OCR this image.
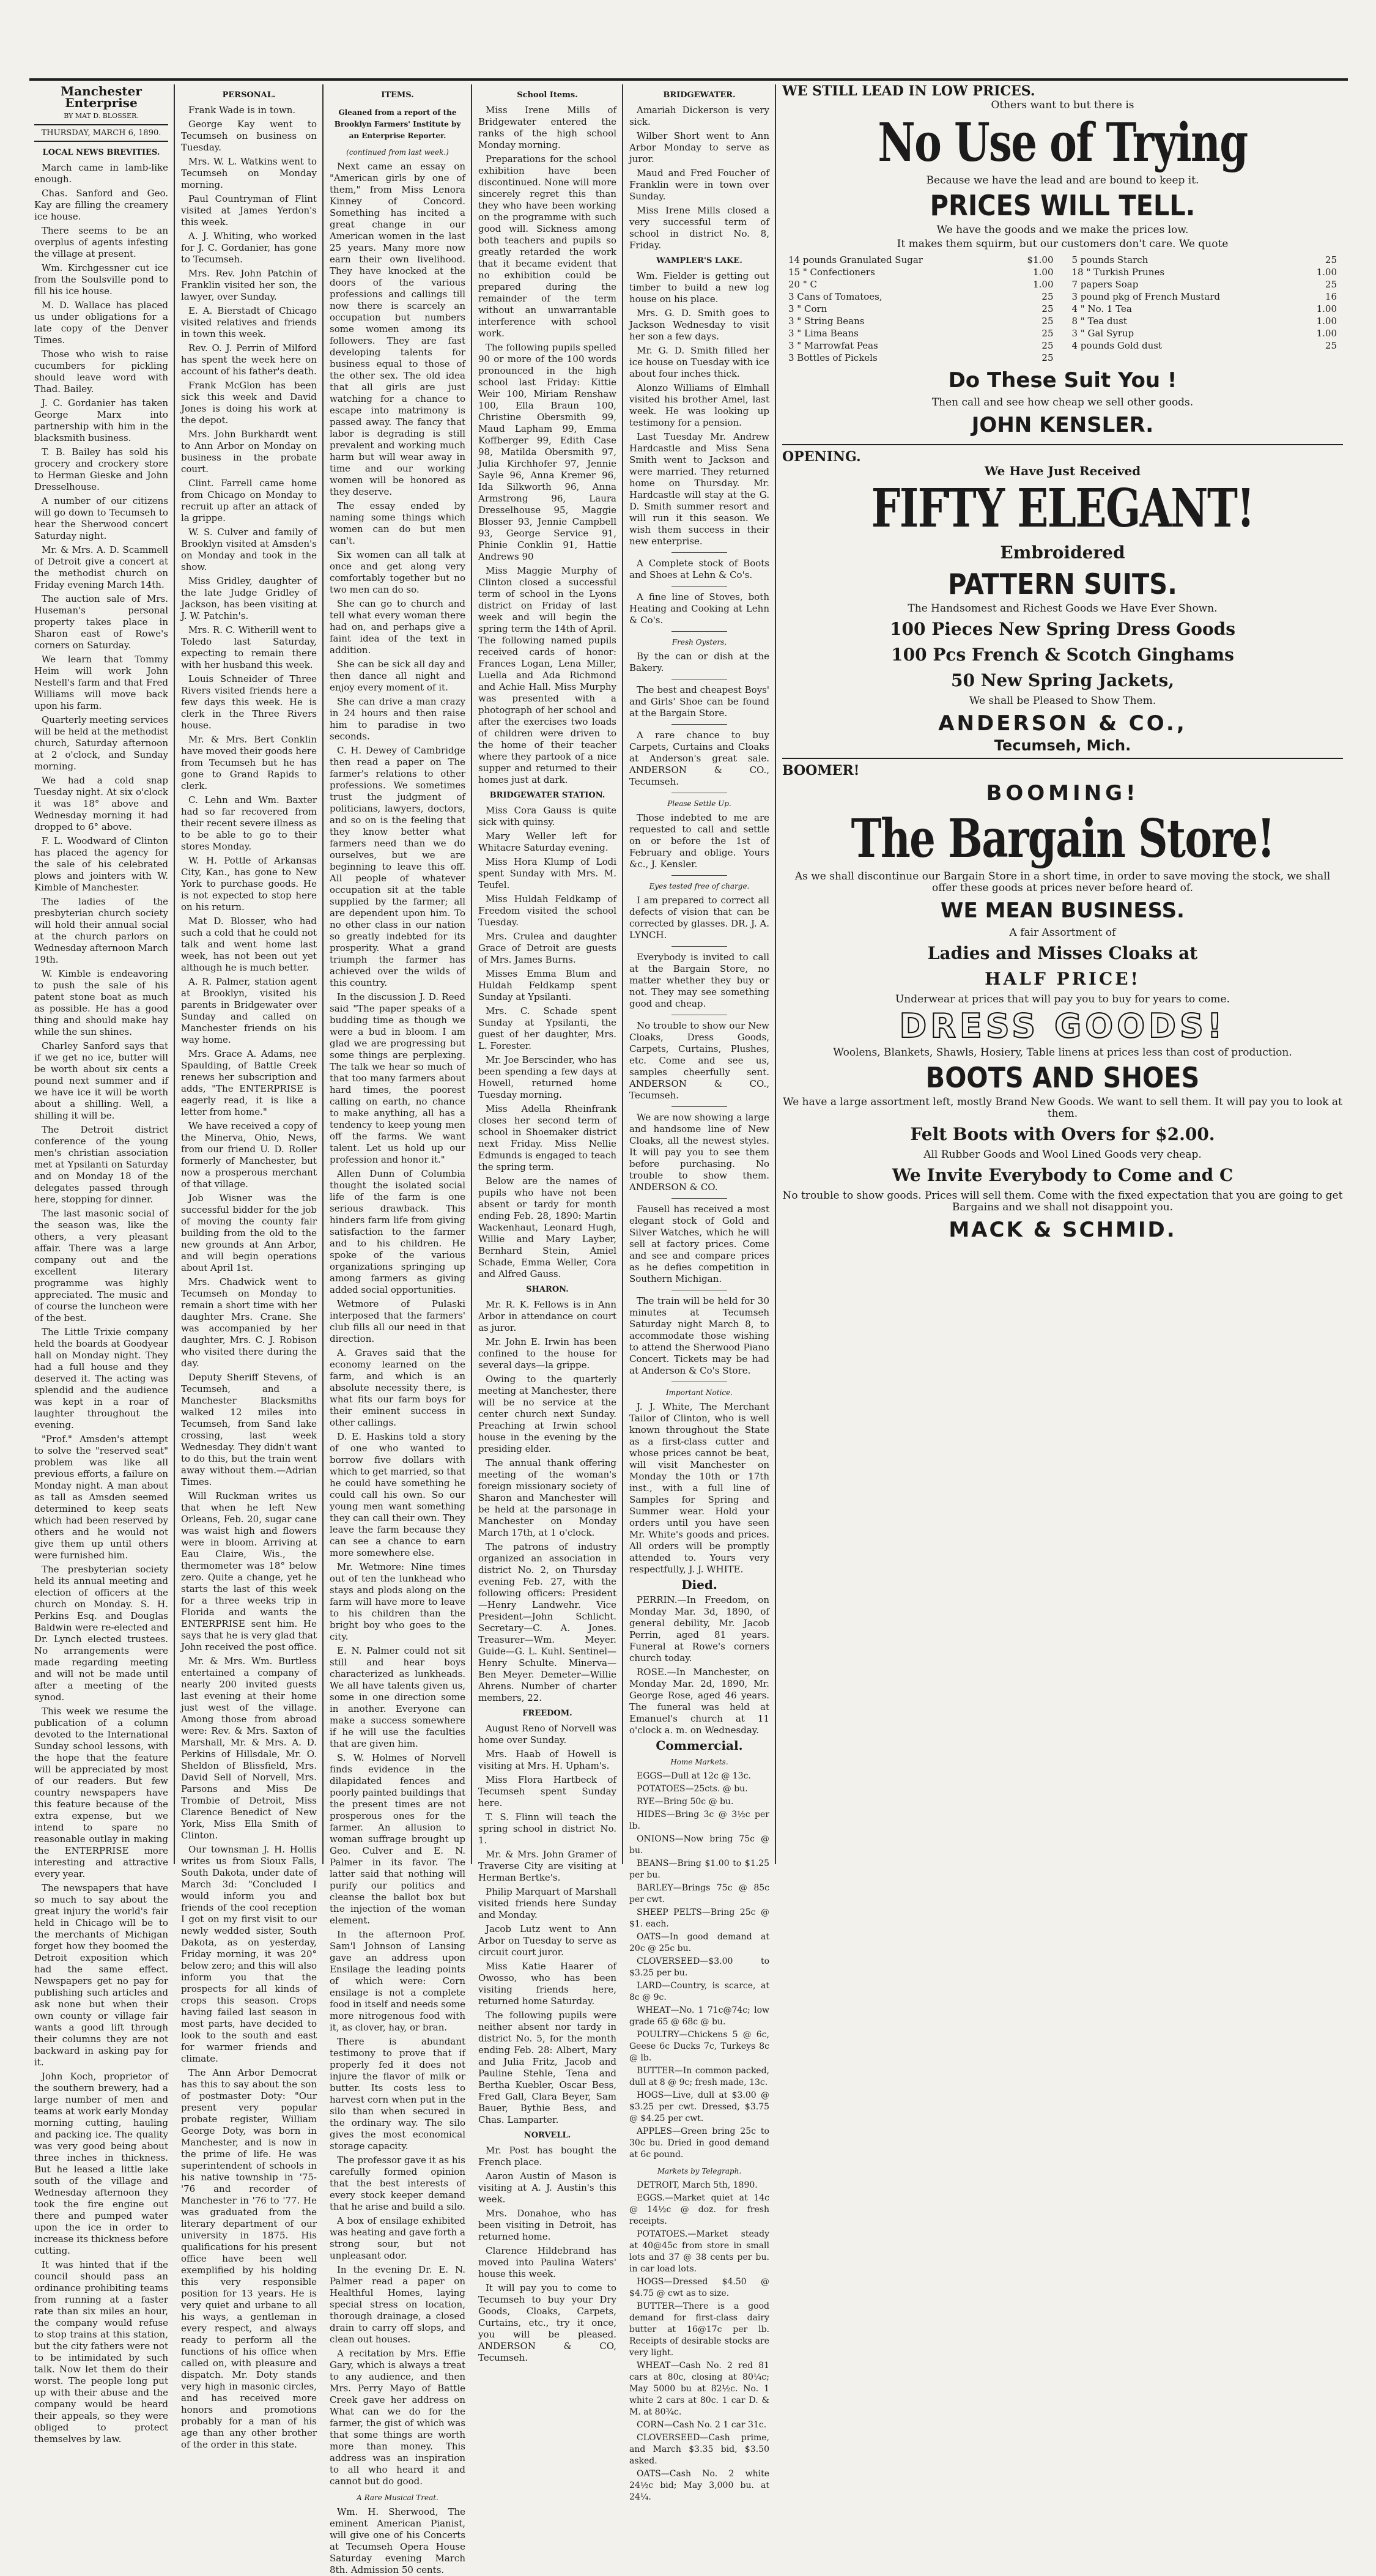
Manchester Enterprise
BY MAT D. BLOSSER.
THURSDAY, MARCH 6, 1890.
LOCAL NEWS BREVITIES.

March came in lamb-like enough.

Chas. Sanford and Geo. Kay are filling the creamery ice house.

There seems to be an overplus of agents infesting the village at present.

Wm. Kirchgessner cut ice from the Soulsville pond to fill his ice house.

M. D. Wallace has placed us under obligations for a late copy of the Denver Times.

Those who wish to raise cucumbers for pickling should leave word with Thad. Bailey.

J. C. Gordanier has taken George Marx into partnership with him in the blacksmith business.

T. B. Bailey has sold his grocery and crockery store to Herman Gieske and John Dresselhouse.

A number of our citizens will go down to Tecumseh to hear the Sherwood concert Saturday night.

Mr. & Mrs. A. D. Scammell of Detroit give a concert at the methodist church on Friday evening March 14th.

The auction sale of Mrs. Huseman's personal property takes place in Sharon east of Rowe's corners on Saturday.

We learn that Tommy Heim will work John Nestell's farm and that Fred Williams will move back upon his farm.

Quarterly meeting services will be held at the methodist church, Saturday afternoon at 2 o'clock, and Sunday morning.

We had a cold snap Tuesday night. At six o'clock it was 18° above and Wednesday morning it had dropped to 6° above.

F. L. Woodward of Clinton has placed the agency for the sale of his celebrated plows and jointers with W. Kimble of Manchester.

The ladies of the presbyterian church society will hold their annual social at the church parlors on Wednesday afternoon March 19th.

W. Kimble is endeavoring to push the sale of his patent stone boat as much as possible. He has a good thing and should make hay while the sun shines.

Charley Sanford says that if we get no ice, butter will be worth about six cents a pound next summer and if we have ice it will be worth about a shilling. Well, a shilling it will be.

The Detroit district conference of the young men's christian association met at Ypsilanti on Saturday and on Monday 18 of the delegates passed through here, stopping for dinner.

The last masonic social of the season was, like the others, a very pleasant affair. There was a large company out and the excellent literary programme was highly appreciated. The music and of course the luncheon were of the best.

The Little Trixie company held the boards at Goodyear hall on Monday night. They had a full house and they deserved it. The acting was splendid and the audience was kept in a roar of laughter throughout the evening.

"Prof." Amsden's attempt to solve the "reserved seat" problem was like all previous efforts, a failure on Monday night. A man about as tall as Amsden seemed determined to keep seats which had been reserved by others and he would not give them up until others were furnished him.

The presbyterian society held its annual meeting and election of officers at the church on Monday. S. H. Perkins Esq. and Douglas Baldwin were re-elected and Dr. Lynch elected trustees. No arrangements were made regarding meeting and will not be made until after a meeting of the synod.

This week we resume the publication of a column devoted to the International Sunday school lessons, with the hope that the feature will be appreciated by most of our readers. But few country newspapers have this feature because of the extra expense, but we intend to spare no reasonable outlay in making the ENTERPRISE more interesting and attractive every year.

The newspapers that have so much to say about the great injury the world's fair held in Chicago will be to the merchants of Michigan forget how they boomed the Detroit exposition which had the same effect. Newspapers get no pay for publishing such articles and ask none but when their own county or village fair wants a good lift through their columns they are not backward in asking pay for it.

John Koch, proprietor of the southern brewery, had a large number of men and teams at work early Monday morning cutting, hauling and packing ice. The quality was very good being about three inches in thickness. But he leased a little lake south of the village and Wednesday afternoon they took the fire engine out there and pumped water upon the ice in order to increase its thickness before cutting.

It was hinted that if the council should pass an ordinance prohibiting teams from running at a faster rate than six miles an hour, the company would refuse to stop trains at this station, but the city fathers were not to be intimidated by such talk. Now let them do their worst. The people long put up with their abuse and the company would be heard their appeals, so they were obliged to protect themselves by law.

PERSONAL.

Frank Wade is in town.

George Kay went to Tecumseh on business on Tuesday.

Mrs. W. L. Watkins went to Tecumseh on Monday morning.

Paul Countryman of Flint visited at James Yerdon's this week.

A. J. Whiting, who worked for J. C. Gordanier, has gone to Tecumseh.

Mrs. Rev. John Patchin of Franklin visited her son, the lawyer, over Sunday.

E. A. Bierstadt of Chicago visited relatives and friends in town this week.

Rev. O. J. Perrin of Milford has spent the week here on account of his father's death.

Frank McGlon has been sick this week and David Jones is doing his work at the depot.

Mrs. John Burkhardt went to Ann Arbor on Monday on business in the probate court.

Clint. Farrell came home from Chicago on Monday to recruit up after an attack of la grippe.

W. S. Culver and family of Brooklyn visited at Amsden's on Monday and took in the show.

Miss Gridley, daughter of the late Judge Gridley of Jackson, has been visiting at J. W. Patchin's.

Mrs. R. C. Witherill went to Toledo last Saturday, expecting to remain there with her husband this week.

Louis Schneider of Three Rivers visited friends here a few days this week. He is clerk in the Three Rivers house.

Mr. & Mrs. Bert Conklin have moved their goods here from Tecumseh but he has gone to Grand Rapids to clerk.

C. Lehn and Wm. Baxter had so far recovered from their recent severe illness as to be able to go to their stores Monday.

W. H. Pottle of Arkansas City, Kan., has gone to New York to purchase goods. He is not expected to stop here on his return.

Mat D. Blosser, who had such a cold that he could not talk and went home last week, has not been out yet although he is much better.

A. R. Palmer, station agent at Brooklyn, visited his parents in Bridgewater over Sunday and called on Manchester friends on his way home.

Mrs. Grace A. Adams, nee Spaulding, of Battle Creek renews her subscription and adds, "The ENTERPRISE is eagerly read, it is like a letter from home."

We have received a copy of the Minerva, Ohio, News, from our friend U. D. Roller formerly of Manchester, but now a prosperous merchant of that village.

Job Wisner was the successful bidder for the job of moving the county fair building from the old to the new grounds at Ann Arbor, and will begin operations about April 1st.

Mrs. Chadwick went to Tecumseh on Monday to remain a short time with her daughter Mrs. Crane. She was accompanied by her daughter, Mrs. C. J. Robison who visited there during the day.

Deputy Sheriff Stevens, of Tecumseh, and a Manchester Blacksmiths walked 12 miles into Tecumseh, from Sand lake crossing, last week Wednesday. They didn't want to do this, but the train went away without them.—Adrian Times.

Will Ruckman writes us that when he left New Orleans, Feb. 20, sugar cane was waist high and flowers were in bloom. Arriving at Eau Claire, Wis., the thermometer was 18° below zero. Quite a change, yet he starts the last of this week for a three weeks trip in Florida and wants the ENTERPRISE sent him. He says that he is very glad that John received the post office.

Mr. & Mrs. Wm. Burtless entertained a company of nearly 200 invited guests last evening at their home just west of the village. Among those from abroad were: Rev. & Mrs. Saxton of Marshall, Mr. & Mrs. A. D. Perkins of Hillsdale, Mr. O. Sheldon of Blissfield, Mrs. David Sell of Norvell, Mrs. Parsons and Miss De Trombie of Detroit, Miss Clarence Benedict of New York, Miss Ella Smith of Clinton.

Our townsman J. H. Hollis writes us from Sioux Falls, South Dakota, under date of March 3d: "Concluded I would inform you and friends of the cool reception I got on my first visit to our newly wedded sister, South Dakota, as on yesterday, Friday morning, it was 20° below zero; and this will also inform you that the prospects for all kinds of crops this season. Crops having failed last season in most parts, have decided to look to the south and east for warmer friends and climate.

The Ann Arbor Democrat has this to say about the son of postmaster Doty: "Our present very popular probate register, William George Doty, was born in Manchester, and is now in the prime of life. He was superintendent of schools in his native township in '75-'76 and recorder of Manchester in '76 to '77. He was graduated from the literary department of our university in 1875. His qualifications for his present office have been well exemplified by his holding this very responsible position for 13 years. He is very quiet and urbane to all his ways, a gentleman in every respect, and always ready to perform all the functions of his office when called on, with pleasure and dispatch. Mr. Doty stands very high in masonic circles, and has received more honors and promotions probably for a man of his age than any other brother of the order in this state.

ITEMS.
Gleaned from a report of the Brooklyn Farmers' Institute by an Enterprise Reporter.
(continued from last week.)

Next came an essay on "American girls by one of them," from Miss Lenora Kinney of Concord. Something has incited a great change in our American women in the last 25 years. Many more now earn their own livelihood. They have knocked at the doors of the various professions and callings till now there is scarcely an occupation but numbers some women among its followers. They are fast developing talents for business equal to those of the other sex. The old idea that all girls are just watching for a chance to escape into matrimony is passed away. The fancy that labor is degrading is still prevalent and working much harm but will wear away in time and our working women will be honored as they deserve.

The essay ended by naming some things which women can do but men can't.

Six women can all talk at once and get along very comfortably together but no two men can do so.

She can go to church and tell what every woman there had on, and perhaps give a faint idea of the text in addition.

She can be sick all day and then dance all night and enjoy every moment of it.

She can drive a man crazy in 24 hours and then raise him to paradise in two seconds.

C. H. Dewey of Cambridge then read a paper on The farmer's relations to other professions. We sometimes trust the judgment of politicians, lawyers, doctors, and so on is the feeling that they know better what farmers need than we do ourselves, but we are beginning to leave this off. All people of whatever occupation sit at the table supplied by the farmer; all are dependent upon him. To no other class in our nation so greatly indebted for its prosperity. What a grand triumph the farmer has achieved over the wilds of this country.

In the discussion J. D. Reed said "The paper speaks of a budding time as though we were a bud in bloom. I am glad we are progressing but some things are perplexing. The talk we hear so much of that too many farmers about hard times, the poorest calling on earth, no chance to make anything, all has a tendency to keep young men off the farms. We want talent. Let us hold up our profession and honor it."

Allen Dunn of Columbia thought the isolated social life of the farm is one serious drawback. This hinders farm life from giving satisfaction to the farmer and to his children. He spoke of the various organizations springing up among farmers as giving added social opportunities.

Wetmore of Pulaski interposed that the farmers' club fills all our need in that direction.

A. Graves said that the economy learned on the farm, and which is an absolute necessity there, is what fits our farm boys for their eminent success in other callings.

D. E. Haskins told a story of one who wanted to borrow five dollars with which to get married, so that he could have something he could call his own. So our young men want something they can call their own. They leave the farm because they can see a chance to earn more somewhere else.

Mr. Wetmore: Nine times out of ten the lunkhead who stays and plods along on the farm will have more to leave to his children than the bright boy who goes to the city.

E. N. Palmer could not sit still and hear boys characterized as lunkheads. We all have talents given us, some in one direction some in another. Everyone can make a success somewhere if he will use the faculties that are given him.

S. W. Holmes of Norvell finds evidence in the dilapidated fences and poorly painted buildings that the present times are not prosperous ones for the farmer. An allusion to woman suffrage brought up Geo. Culver and E. N. Palmer in its favor. The latter said that nothing will purify our politics and cleanse the ballot box but the injection of the woman element.

In the afternoon Prof. Sam'l Johnson of Lansing gave an address upon Ensilage the leading points of which were: Corn ensilage is not a complete food in itself and needs some more nitrogenous food with it, as clover, hay, or bran.

There is abundant testimony to prove that if properly fed it does not injure the flavor of milk or butter. Its costs less to harvest corn when put in the silo than when secured in the ordinary way. The silo gives the most economical storage capacity.

The professor gave it as his carefully formed opinion that the best interests of every stock keeper demand that he arise and build a silo.

A box of ensilage exhibited was heating and gave forth a strong sour, but not unpleasant odor.

In the evening Dr. E. N. Palmer read a paper on Healthful Homes, laying special stress on location, thorough drainage, a closed drain to carry off slops, and clean out houses.

A recitation by Mrs. Effie Gary, which is always a treat to any audience, and then Mrs. Perry Mayo of Battle Creek gave her address on What can we do for the farmer, the gist of which was that some things are worth more than money. This address was an inspiration to all who heard it and cannot but do good.

A Rare Musical Treat.

Wm. H. Sherwood, The eminent American Pianist, will give one of his Concerts at Tecumseh Opera House Saturday evening March 8th. Admission 50 cents.

School Items.

Miss Irene Mills of Bridgewater entered the ranks of the high school Monday morning.

Preparations for the school exhibition have been discontinued. None will more sincerely regret this than they who have been working on the programme with such good will. Sickness among both teachers and pupils so greatly retarded the work that it became evident that no exhibition could be prepared during the remainder of the term without an unwarrantable interference with school work.

The following pupils spelled 90 or more of the 100 words pronounced in the high school last Friday: Kittie Weir 100, Miriam Renshaw 100, Ella Braun 100, Christine Obersmith 99, Maud Lapham 99, Emma Koffberger 99, Edith Case 98, Matilda Obersmith 97, Julia Kirchhofer 97, Jennie Sayle 96, Anna Kremer 96, Ida Silkworth 96, Anna Armstrong 96, Laura Dresselhouse 95, Maggie Blosser 93, Jennie Campbell 93, George Service 91, Phinie Conklin 91, Hattie Andrews 90

Miss Maggie Murphy of Clinton closed a successful term of school in the Lyons district on Friday of last week and will begin the spring term the 14th of April. The following named pupils received cards of honor: Frances Logan, Lena Miller, Luella and Ada Richmond and Achie Hall. Miss Murphy was presented with a photograph of her school and after the exercises two loads of children were driven to the home of their teacher where they partook of a nice supper and returned to their homes just at dark.

BRIDGEWATER STATION.

Miss Cora Gauss is quite sick with quinsy.

Mary Weller left for Whitacre Saturday evening.

Miss Hora Klump of Lodi spent Sunday with Mrs. M. Teufel.

Miss Huldah Feldkamp of Freedom visited the school Tuesday.

Mrs. Crulea and daughter Grace of Detroit are guests of Mrs. James Burns.

Misses Emma Blum and Huldah Feldkamp spent Sunday at Ypsilanti.

Mrs. C. Schade spent Sunday at Ypsilanti, the guest of her daughter, Mrs. L. Forester.

Mr. Joe Berscinder, who has been spending a few days at Howell, returned home Tuesday morning.

Miss Adella Rheinfrank closes her second term of school in Shoemaker district next Friday. Miss Nellie Edmunds is engaged to teach the spring term.

Below are the names of pupils who have not been absent or tardy for month ending Feb. 28, 1890: Martin Wackenhaut, Leonard Hugh, Willie and Mary Layber, Bernhard Stein, Amiel Schade, Emma Weller, Cora and Alfred Gauss.

SHARON.

Mr. R. K. Fellows is in Ann Arbor in attendance on court as juror.

Mr. John E. Irwin has been confined to the house for several days—la grippe.

Owing to the quarterly meeting at Manchester, there will be no service at the center church next Sunday. Preaching at Irwin school house in the evening by the presiding elder.

The annual thank offering meeting of the woman's foreign missionary society of Sharon and Manchester will be held at the parsonage in Manchester on Monday March 17th, at 1 o'clock.

The patrons of industry organized an association in district No. 2, on Thursday evening Feb. 27, with the following officers: President—Henry Landwehr. Vice President—John Schlicht. Secretary—C. A. Jones. Treasurer—Wm. Meyer. Guide—G. L. Kuhl. Sentinel—Henry Schulte. Minerva—Ben Meyer. Demeter—Willie Ahrens. Number of charter members, 22.

FREEDOM.

August Reno of Norvell was home over Sunday.

Mrs. Haab of Howell is visiting at Mrs. H. Upham's.

Miss Flora Hartbeck of Tecumseh spent Sunday here.

T. S. Flinn will teach the spring school in district No. 1.

Mr. & Mrs. John Gramer of Traverse City are visiting at Herman Bertke's.

Philip Marquart of Marshall visited friends here Sunday and Monday.

Jacob Lutz went to Ann Arbor on Tuesday to serve as circuit court juror.

Miss Katie Haarer of Owosso, who has been visiting friends here, returned home Saturday.

The following pupils were neither absent nor tardy in district No. 5, for the month ending Feb. 28: Albert, Mary and Julia Fritz, Jacob and Pauline Stehle, Tena and Bertha Kuebler, Oscar Bess, Fred Gall, Clara Beyer, Sam Bauer, Bythie Bess, and Chas. Lamparter.

NORVELL.

Mr. Post has bought the French place.

Aaron Austin of Mason is visiting at A. J. Austin's this week.

Mrs. Donahoe, who has been visiting in Detroit, has returned home.

Clarence Hildebrand has moved into Paulina Waters' house this week.

It will pay you to come to Tecumseh to buy your Dry Goods, Cloaks, Carpets, Curtains, etc., try it once, you will be pleased. ANDERSON & CO, Tecumseh.

BRIDGEWATER.

Amariah Dickerson is very sick.

Wilber Short went to Ann Arbor Monday to serve as juror.

Maud and Fred Foucher of Franklin were in town over Sunday.

Miss Irene Mills closed a very successful term of school in district No. 8, Friday.

WAMPLER'S LAKE.

Wm. Fielder is getting out timber to build a new log house on his place.

Mrs. G. D. Smith goes to Jackson Wednesday to visit her son a few days.

Mr. G. D. Smith filled her ice house on Tuesday with ice about four inches thick.

Alonzo Williams of Elmhall visited his brother Amel, last week. He was looking up testimony for a pension.

Last Tuesday Mr. Andrew Hardcastle and Miss Sena Smith went to Jackson and were married. They returned home on Thursday. Mr. Hardcastle will stay at the G. D. Smith summer resort and will run it this season. We wish them success in their new enterprise.

A Complete stock of Boots and Shoes at Lehn & Co's.

A fine line of Stoves, both Heating and Cooking at Lehn & Co's.

Fresh Oysters,

By the can or dish at the Bakery.

The best and cheapest Boys' and Girls' Shoe can be found at the Bargain Store.

A rare chance to buy Carpets, Curtains and Cloaks at Anderson's great sale. ANDERSON & CO., Tecumseh.

Please Settle Up.

Those indebted to me are requested to call and settle on or before the 1st of February and oblige. Yours &c., J. Kensler.

Eyes tested free of charge.

I am prepared to correct all defects of vision that can be corrected by glasses. DR. J. A. LYNCH.

Everybody is invited to call at the Bargain Store, no matter whether they buy or not. They may see something good and cheap.

No trouble to show our New Cloaks, Dress Goods, Carpets, Curtains, Plushes, etc. Come and see us, samples cheerfully sent. ANDERSON & CO., Tecumseh.

We are now showing a large and handsome line of New Cloaks, all the newest styles. It will pay you to see them before purchasing. No trouble to show them. ANDERSON & CO.

Fausell has received a most elegant stock of Gold and Silver Watches, which he will sell at factory prices. Come and see and compare prices as he defies competition in Southern Michigan.

The train will be held for 30 minutes at Tecumseh Saturday night March 8, to accommodate those wishing to attend the Sherwood Piano Concert. Tickets may be had at Anderson & Co's Store.

Important Notice.

J. J. White, The Merchant Tailor of Clinton, who is well known throughout the State as a first-class cutter and whose prices cannot be beat, will visit Manchester on Monday the 10th or 17th inst., with a full line of Samples for Spring and Summer wear. Hold your orders until you have seen Mr. White's goods and prices. All orders will be promptly attended to. Yours very respectfully, J. J. WHITE.

Died.

PERRIN.—In Freedom, on Monday Mar. 3d, 1890, of general debility, Mr. Jacob Perrin, aged 81 years. Funeral at Rowe's corners church today.

ROSE.—In Manchester, on Monday Mar. 2d, 1890, Mr. George Rose, aged 46 years. The funeral was held at Emanuel's church at 11 o'clock a. m. on Wednesday.

Commercial.
Home Markets.

EGGS—Dull at 12c @ 13c.

POTATOES—25cts. @ bu.

RYE—Bring 50c @ bu.

HIDES—Bring 3c @ 3½c per lb.

ONIONS—Now bring 75c @ bu.

BEANS—Bring $1.00 to $1.25 per bu.

BARLEY—Brings 75c @ 85c per cwt.

SHEEP PELTS—Bring 25c @ $1. each.

OATS—In good demand at 20c @ 25c bu.

CLOVERSEED—$3.00 to $3.25 per bu.

LARD—Country, is scarce, at 8c @ 9c.

WHEAT—No. 1 71c@74c; low grade 65 @ 68c @ bu.

POULTRY—Chickens 5 @ 6c, Geese 6c Ducks 7c, Turkeys 8c @ lb.

BUTTER—In common packed, dull at 8 @ 9c; fresh made, 13c.

HOGS—Live, dull at $3.00 @ $3.25 per cwt. Dressed, $3.75 @ $4.25 per cwt.

APPLES—Green bring 25c to 30c bu. Dried in good demand at 6c pound.

Markets by Telegraph.

DETROIT, March 5th, 1890.

EGGS.—Market quiet at 14c @ 14½c @ doz. for fresh receipts.

POTATOES.—Market steady at 40@45c from store in small lots and 37 @ 38 cents per bu. in car load lots.

HOGS—Dressed $4.50 @ $4.75 @ cwt as to size.

BUTTER—There is a good demand for first-class dairy butter at 16@17c per lb. Receipts of desirable stocks are very light.

WHEAT—Cash No. 2 red 81 cars at 80c, closing at 80¼c; May 5000 bu at 82½c. No. 1 white 2 cars at 80c. 1 car D. & M. at 80¾c.

CORN—Cash No. 2 1 car 31c.

CLOVERSEED—Cash prime, and March $3.35 bid, $3.50 asked.

OATS—Cash No. 2 white 24½c bid; May 3,000 bu. at 24¼.

WE STILL LEAD IN LOW PRICES.
Others want to but there is
No Use of Trying
Because we have the lead and are bound to keep it.
PRICES WILL TELL.
We have the goods and we make the prices low.
It makes them squirm, but our customers don't care. We quote
14 pounds Granulated Sugar	$1.00
15 " Confectioners	1.00
20 " C	1.00
3 Cans of Tomatoes,	25
3 " Corn	25
3 " String Beans	25
3 " Lima Beans	25
3 " Marrowfat Peas	25
3 Bottles of Pickels	25
5 pounds Starch	25
18 " Turkish Prunes	1.00
7 papers Soap	25
3 pound pkg of French Mustard	16
4 " No. 1 Tea	1.00
8 " Tea dust	1.00
3 " Gal Syrup	1.00
4 pounds Gold dust	25
Do These Suit You !
Then call and see how cheap we sell other goods.
JOHN KENSLER.
OPENING.
We Have Just Received
FIFTY ELEGANT!
Embroidered
PATTERN SUITS.
The Handsomest and Richest Goods we Have Ever Shown.
100 Pieces New Spring Dress Goods
100 Pcs French & Scotch Ginghams
50 New Spring Jackets,
We shall be Pleased to Show Them.
ANDERSON & CO.,
Tecumseh, Mich.
BOOMER!
BOOMING!
The Bargain Store!
As we shall discontinue our Bargain Store in a short time, in order to save moving the stock, we shall offer these goods at prices never before heard of.
WE MEAN BUSINESS.
A fair Assortment of
Ladies and Misses Cloaks at
HALF PRICE!
Underwear at prices that will pay you to buy for years to come.
DRESS GOODS!
Woolens, Blankets, Shawls, Hosiery, Table linens at prices less than cost of production.
BOOTS AND SHOES
We have a large assortment left, mostly Brand New Goods. We want to sell them. It will pay you to look at them.
Felt Boots with Overs for $2.00.
All Rubber Goods and Wool Lined Goods very cheap.
We Invite Everybody to Come and C
No trouble to show goods. Prices will sell them. Come with the fixed expectation that you are going to get Bargains and we shall not disappoint you.
MACK & SCHMID.
